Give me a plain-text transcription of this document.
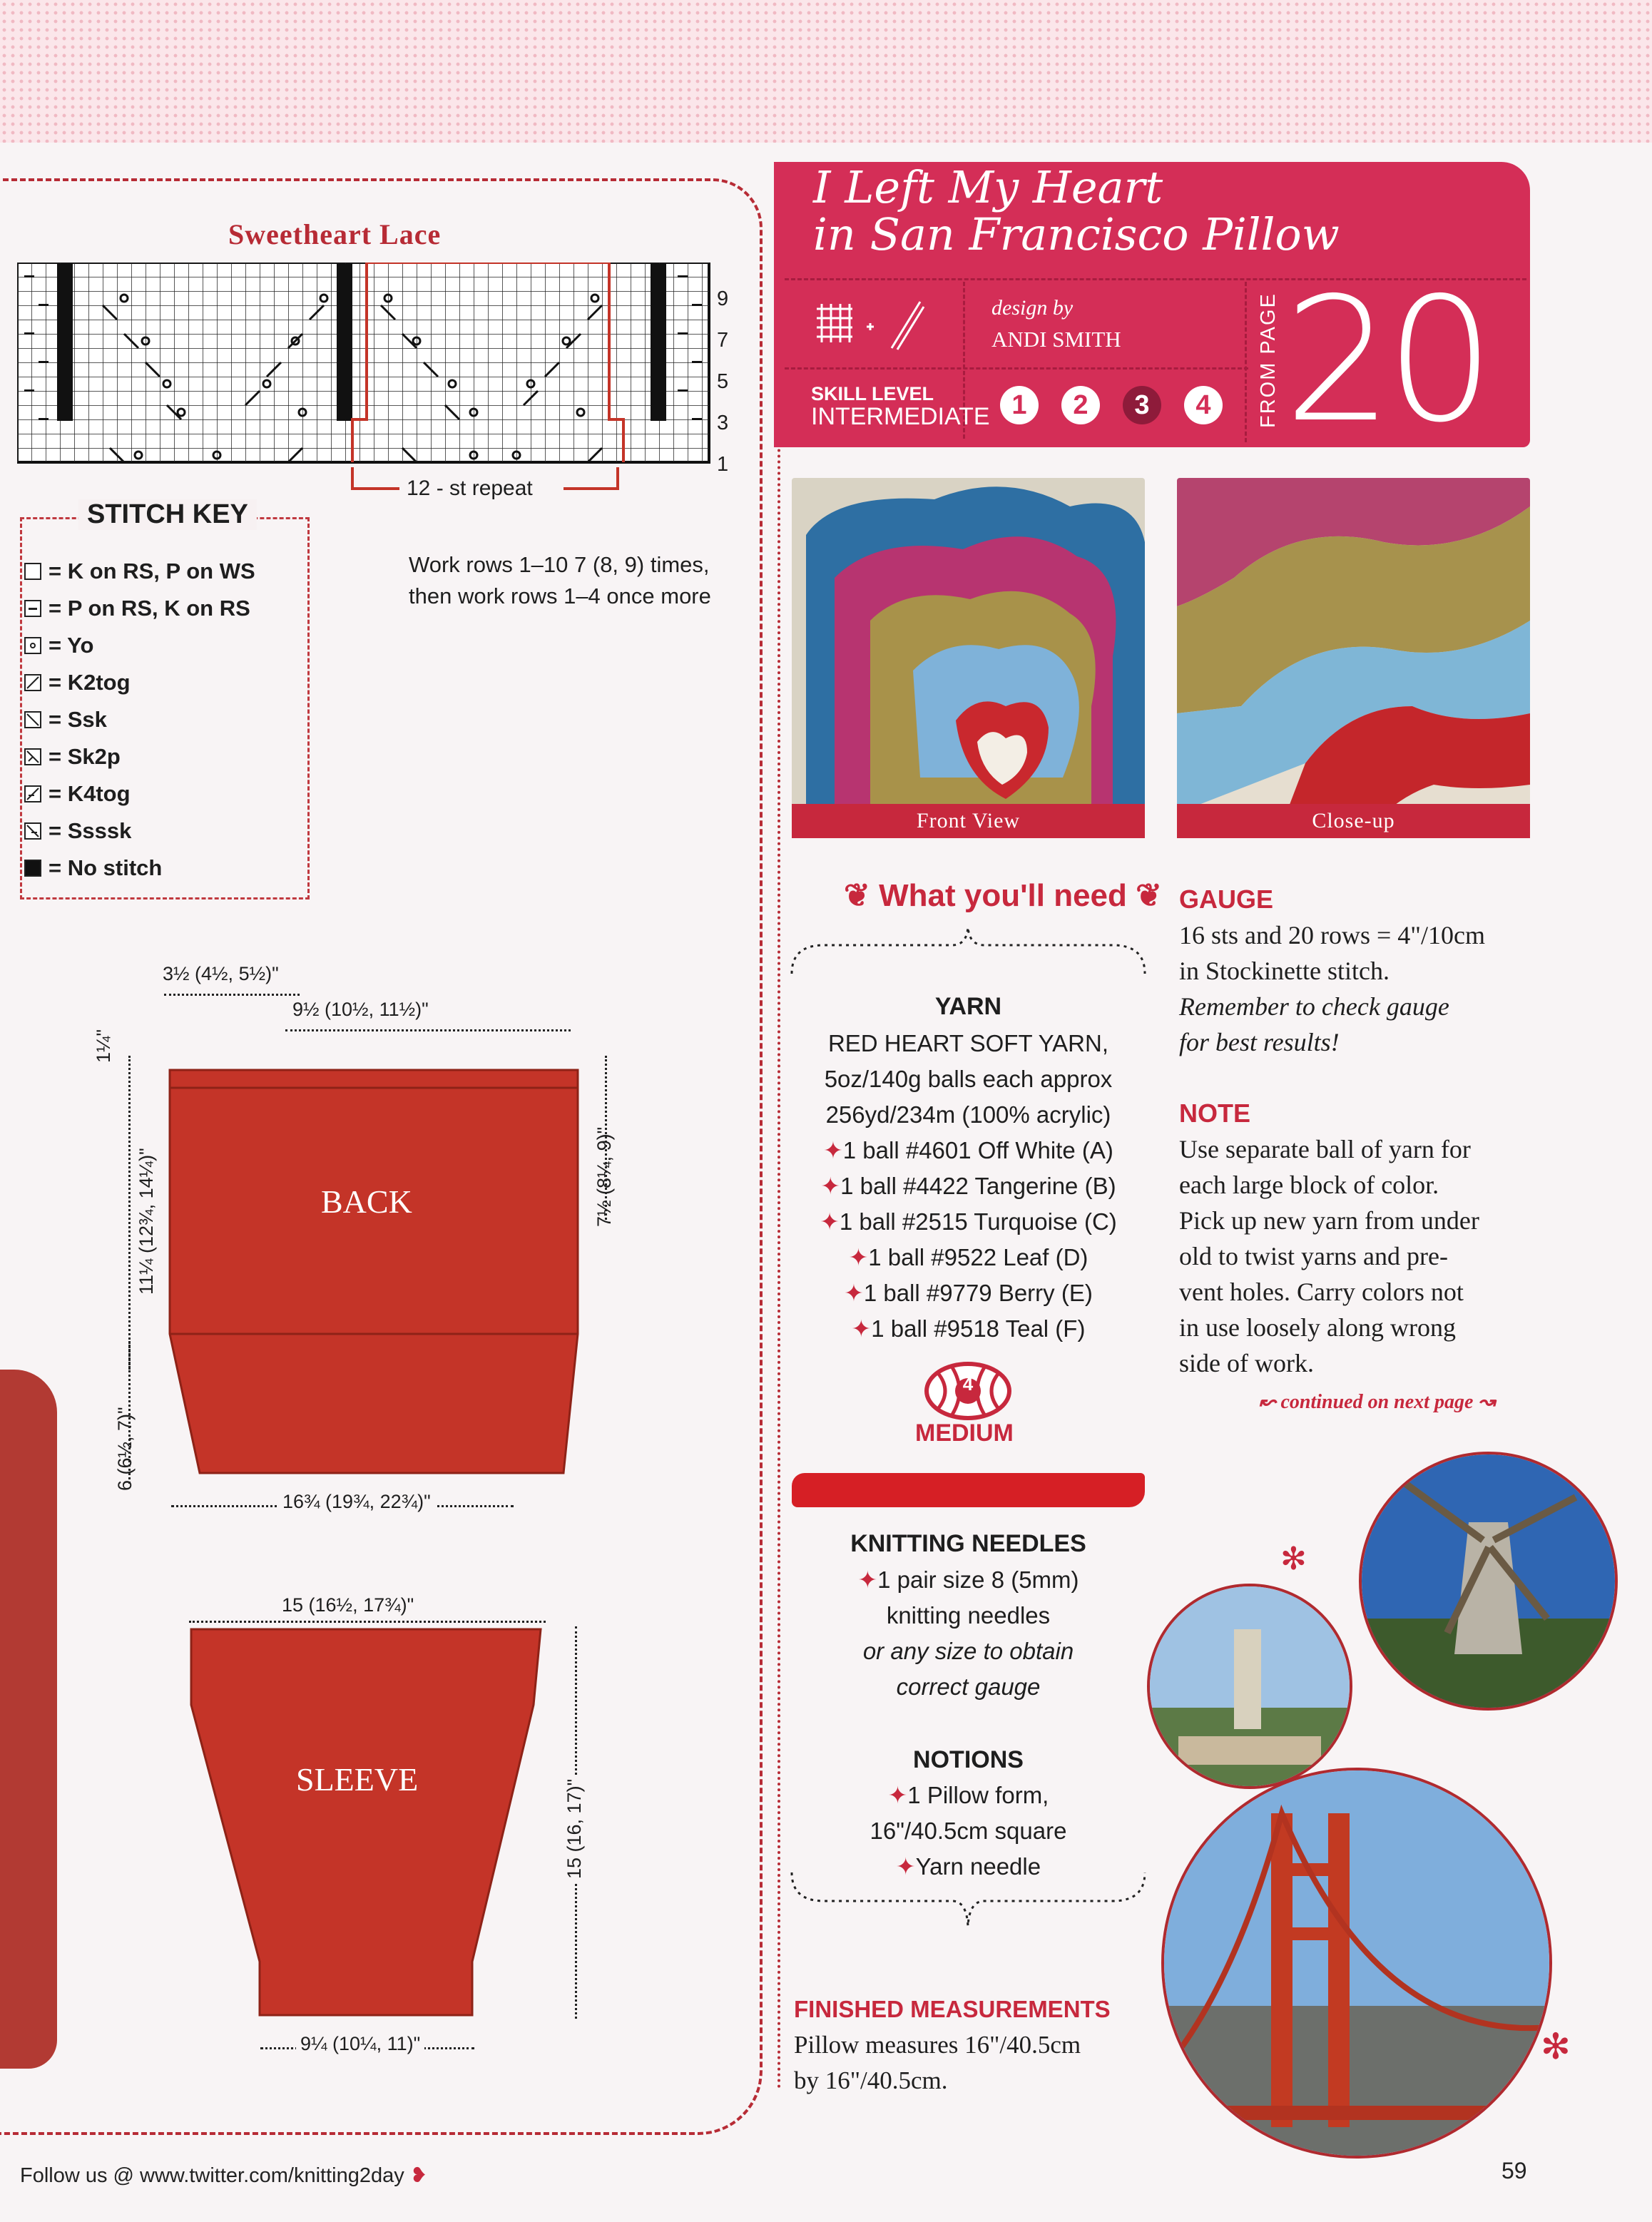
Sweetheart Lace
9
7
5
3
1
12 - st repeat
STITCH KEY
= K on RS, P on WS
= P on RS, K on RS
= Yo
= K2tog
= Ssk
= Sk2p
= K4tog
= Ssssk
= No stitch
Work rows 1–10 7 (8, 9) times, then work rows 1–4 once more
BACK
3½ (4½, 5½)"
9½ (10½, 11½)"
1¼"
11¼ (12¾, 14¼)"	7½ (8¼, 9)"
6 (6½, 7)"
16¾ (19¾, 22¾)"
15 (16½, 17¾)"
SLEEVE	15 (16, 17)"
9¼ (10¼, 11)"
I Left My Heart
in San Francisco Pillow
design by
ANDI SMITH
SKILL LEVEL
INTERMEDIATE 1	2	3	4	FROM PAGE 20
Front View	Close-up
❦ What you'll need ❦
YARN
RED HEART SOFT YARN,
5oz/140g balls each approx
256yd/234m (100% acrylic)
✦1 ball #4601 Off White (A)
✦1 ball #4422 Tangerine (B)
✦1 ball #2515 Turquoise (C)
✦1 ball #9522 Leaf (D)
✦1 ball #9779 Berry (E)
✦1 ball #9518 Teal (F)
4
MEDIUM
KNITTING NEEDLES
✦1 pair size 8 (5mm)
knitting needles
or any size to obtain
correct gauge
NOTIONS
✦1 Pillow form,
16"/40.5cm square
✦Yarn needle
FINISHED MEASUREMENTS
Pillow measures 16"/40.5cm
by 16"/40.5cm.
GAUGE
16 sts and 20 rows = 4"/10cm
in Stockinette stitch.
Remember to check gauge
for best results!
NOTE
Use separate ball of yarn for
each large block of color.
Pick up new yarn from under
old to twist yarns and pre-
vent holes. Carry colors not
in use loosely along wrong
side of work.
↜ continued on next page ↝
✻
✻
Follow us @ www.twitter.com/knitting2day ❥	59
